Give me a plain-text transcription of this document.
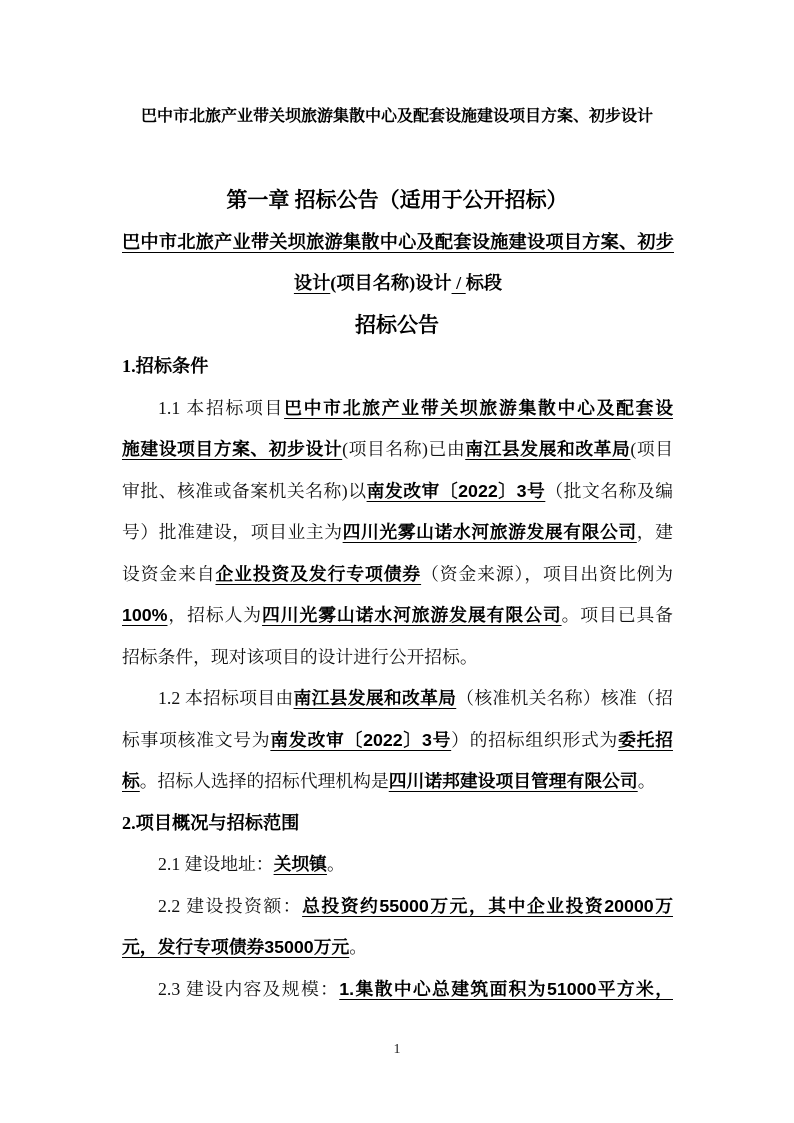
巴中市北旅产业带关坝旅游集散中心及配套设施建设项目方案、初步设计
第一章 招标公告（适用于公开招标）
巴中市北旅产业带关坝旅游集散中心及配套设施建设项目方案、初步
设计(项目名称)设计 / 标段
招标公告
1.招标条件
1.1 本招标项目巴中市北旅产业带关坝旅游集散中心及配套设
施建设项目方案、初步设计(项目名称)已由南江县发展和改革局(项目
审批、核准或备案机关名称)以南发改审〔2022〕3号（批文名称及编
号）批准建设，项目业主为四川光雾山诺水河旅游发展有限公司，建
设资金来自企业投资及发行专项债券（资金来源），项目出资比例为
100%，招标人为四川光雾山诺水河旅游发展有限公司。项目已具备
招标条件，现对该项目的设计进行公开招标。
1.2 本招标项目由南江县发展和改革局（核准机关名称）核准（招
标事项核准文号为南发改审〔2022〕3号）的招标组织形式为委托招
标。招标人选择的招标代理机构是四川诺邦建设项目管理有限公司。
2.项目概况与招标范围
2.1 建设地址：关坝镇。
2.2 建设投资额：总投资约55000万元，其中企业投资20000万
元，发行专项债券35000万元。
2.3 建设内容及规模：1.集散中心总建筑面积为51000平方米，
1
